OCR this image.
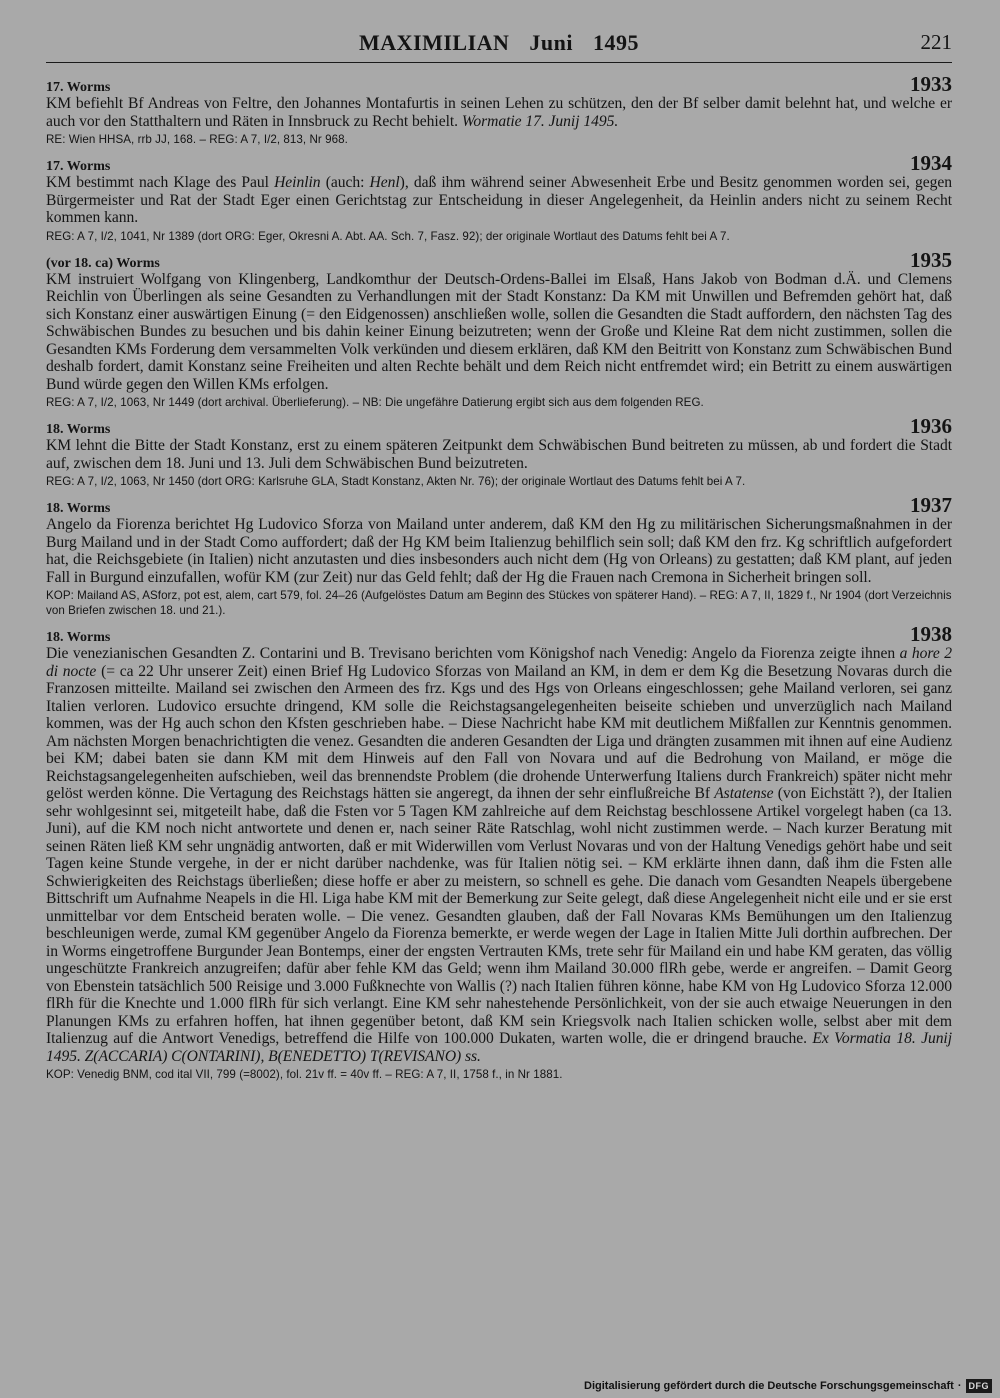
MAXIMILIAN Juni 1495	221
17. Worms	1933

KM befiehlt Bf Andreas von Feltre, den Johannes Montafurtis in seinen Lehen zu schützen, den der Bf selber damit belehnt hat, und welche er auch vor den Statthaltern und Räten in Innsbruck zu Recht behielt. Wormatie 17. Junij 1495.

RE: Wien HHSA, rrb JJ, 168. – REG: A 7, I/2, 813, Nr 968.

17. Worms	1934

KM bestimmt nach Klage des Paul Heinlin (auch: Henl), daß ihm während seiner Abwesenheit Erbe und Besitz genommen worden sei, gegen Bürgermeister und Rat der Stadt Eger einen Gerichtstag zur Entscheidung in dieser Angelegenheit, da Heinlin anders nicht zu seinem Recht kommen kann.

REG: A 7, I/2, 1041, Nr 1389 (dort ORG: Eger, Okresni A. Abt. AA. Sch. 7, Fasz. 92); der originale Wortlaut des Datums fehlt bei A 7.

(vor 18. ca) Worms	1935

KM instruiert Wolfgang von Klingenberg, Landkomthur der Deutsch-Ordens-Ballei im Elsaß, Hans Jakob von Bodman d.Ä. und Clemens Reichlin von Überlingen als seine Gesandten zu Verhandlungen mit der Stadt Konstanz: Da KM mit Unwillen und Befremden gehört hat, daß sich Konstanz einer auswärtigen Einung (= den Eidgenossen) anschließen wolle, sollen die Gesandten die Stadt auffordern, den nächsten Tag des Schwäbischen Bundes zu besuchen und bis dahin keiner Einung beizutreten; wenn der Große und Kleine Rat dem nicht zustimmen, sollen die Gesandten KMs Forderung dem versammelten Volk verkünden und diesem erklären, daß KM den Beitritt von Konstanz zum Schwäbischen Bund deshalb fordert, damit Konstanz seine Freiheiten und alten Rechte behält und dem Reich nicht entfremdet wird; ein Betritt zu einem auswärtigen Bund würde gegen den Willen KMs erfolgen.

REG: A 7, I/2, 1063, Nr 1449 (dort archival. Überlieferung). – NB: Die ungefähre Datierung ergibt sich aus dem folgenden REG.

18. Worms	1936

KM lehnt die Bitte der Stadt Konstanz, erst zu einem späteren Zeitpunkt dem Schwäbischen Bund beitreten zu müssen, ab und fordert die Stadt auf, zwischen dem 18. Juni und 13. Juli dem Schwäbischen Bund beizutreten.

REG: A 7, I/2, 1063, Nr 1450 (dort ORG: Karlsruhe GLA, Stadt Konstanz, Akten Nr. 76); der originale Wortlaut des Datums fehlt bei A 7.

18. Worms	1937

Angelo da Fiorenza berichtet Hg Ludovico Sforza von Mailand unter anderem, daß KM den Hg zu militärischen Sicherungsmaßnahmen in der Burg Mailand und in der Stadt Como auffordert; daß der Hg KM beim Italienzug behilflich sein soll; daß KM den frz. Kg schriftlich aufgefordert hat, die Reichsgebiete (in Italien) nicht anzutasten und dies insbesonders auch nicht dem (Hg von Orleans) zu gestatten; daß KM plant, auf jeden Fall in Burgund einzufallen, wofür KM (zur Zeit) nur das Geld fehlt; daß der Hg die Frauen nach Cremona in Sicherheit bringen soll.

KOP: Mailand AS, ASforz, pot est, alem, cart 579, fol. 24–26 (Aufgelöstes Datum am Beginn des Stückes von späterer Hand). – REG: A 7, II, 1829 f., Nr 1904 (dort Verzeichnis von Briefen zwischen 18. und 21.).

18. Worms	1938

Die venezianischen Gesandten Z. Contarini und B. Trevisano berichten vom Königshof nach Venedig: Angelo da Fiorenza zeigte ihnen a hore 2 di nocte (= ca 22 Uhr unserer Zeit) einen Brief Hg Ludovico Sforzas von Mailand an KM, in dem er dem Kg die Besetzung Novaras durch die Franzosen mitteilte. Mailand sei zwischen den Armeen des frz. Kgs und des Hgs von Orleans eingeschlossen; gehe Mailand verloren, sei ganz Italien verloren. Ludovico ersuchte dringend, KM solle die Reichstagsangelegenheiten beiseite schieben und unverzüglich nach Mailand kommen, was der Hg auch schon den Kfsten geschrieben habe. – Diese Nachricht habe KM mit deutlichem Mißfallen zur Kenntnis genommen. Am nächsten Morgen benachrichtigten die venez. Gesandten die anderen Gesandten der Liga und drängten zusammen mit ihnen auf eine Audienz bei KM; dabei baten sie dann KM mit dem Hinweis auf den Fall von Novara und auf die Bedrohung von Mailand, er möge die Reichstagsangelegenheiten aufschieben, weil das brennendste Problem (die drohende Unterwerfung Italiens durch Frankreich) später nicht mehr gelöst werden könne. Die Vertagung des Reichstags hätten sie angeregt, da ihnen der sehr einflußreiche Bf Astatense (von Eichstätt ?), der Italien sehr wohlgesinnt sei, mitgeteilt habe, daß die Fsten vor 5 Tagen KM zahlreiche auf dem Reichstag beschlossene Artikel vorgelegt haben (ca 13. Juni), auf die KM noch nicht antwortete und denen er, nach seiner Räte Ratschlag, wohl nicht zustimmen werde. – Nach kurzer Beratung mit seinen Räten ließ KM sehr ungnädig antworten, daß er mit Widerwillen vom Verlust Novaras und von der Haltung Venedigs gehört habe und seit Tagen keine Stunde vergehe, in der er nicht darüber nachdenke, was für Italien nötig sei. – KM erklärte ihnen dann, daß ihm die Fsten alle Schwierigkeiten des Reichstags überließen; diese hoffe er aber zu meistern, so schnell es gehe. Die danach vom Gesandten Neapels übergebene Bittschrift um Aufnahme Neapels in die Hl. Liga habe KM mit der Bemerkung zur Seite gelegt, daß diese Angelegenheit nicht eile und er sie erst unmittelbar vor dem Entscheid beraten wolle. – Die venez. Gesandten glauben, daß der Fall Novaras KMs Bemühungen um den Italienzug beschleunigen werde, zumal KM gegenüber Angelo da Fiorenza bemerkte, er werde wegen der Lage in Italien Mitte Juli dorthin aufbrechen. Der in Worms eingetroffene Burgunder Jean Bontemps, einer der engsten Vertrauten KMs, trete sehr für Mailand ein und habe KM geraten, das völlig ungeschützte Frankreich anzugreifen; dafür aber fehle KM das Geld; wenn ihm Mailand 30.000 flRh gebe, werde er angreifen. – Damit Georg von Ebenstein tatsächlich 500 Reisige und 3.000 Fußknechte von Wallis (?) nach Italien führen könne, habe KM von Hg Ludovico Sforza 12.000 flRh für die Knechte und 1.000 flRh für sich verlangt. Eine KM sehr nahestehende Persönlichkeit, von der sie auch etwaige Neuerungen in den Planungen KMs zu erfahren hoffen, hat ihnen gegenüber betont, daß KM sein Kriegsvolk nach Italien schicken wolle, selbst aber mit dem Italienzug auf die Antwort Venedigs, betreffend die Hilfe von 100.000 Dukaten, warten wolle, die er dringend brauche. Ex Vormatia 18. Junij 1495. Z(ACCARIA) C(ONTARINI), B(ENEDETTO) T(REVISANO) ss.

KOP: Venedig BNM, cod ital VII, 799 (=8002), fol. 21v ff. = 40v ff. – REG: A 7, II, 1758 f., in Nr 1881.

Digitalisierung gefördert durch die Deutsche Forschungsgemeinschaft · DFG
